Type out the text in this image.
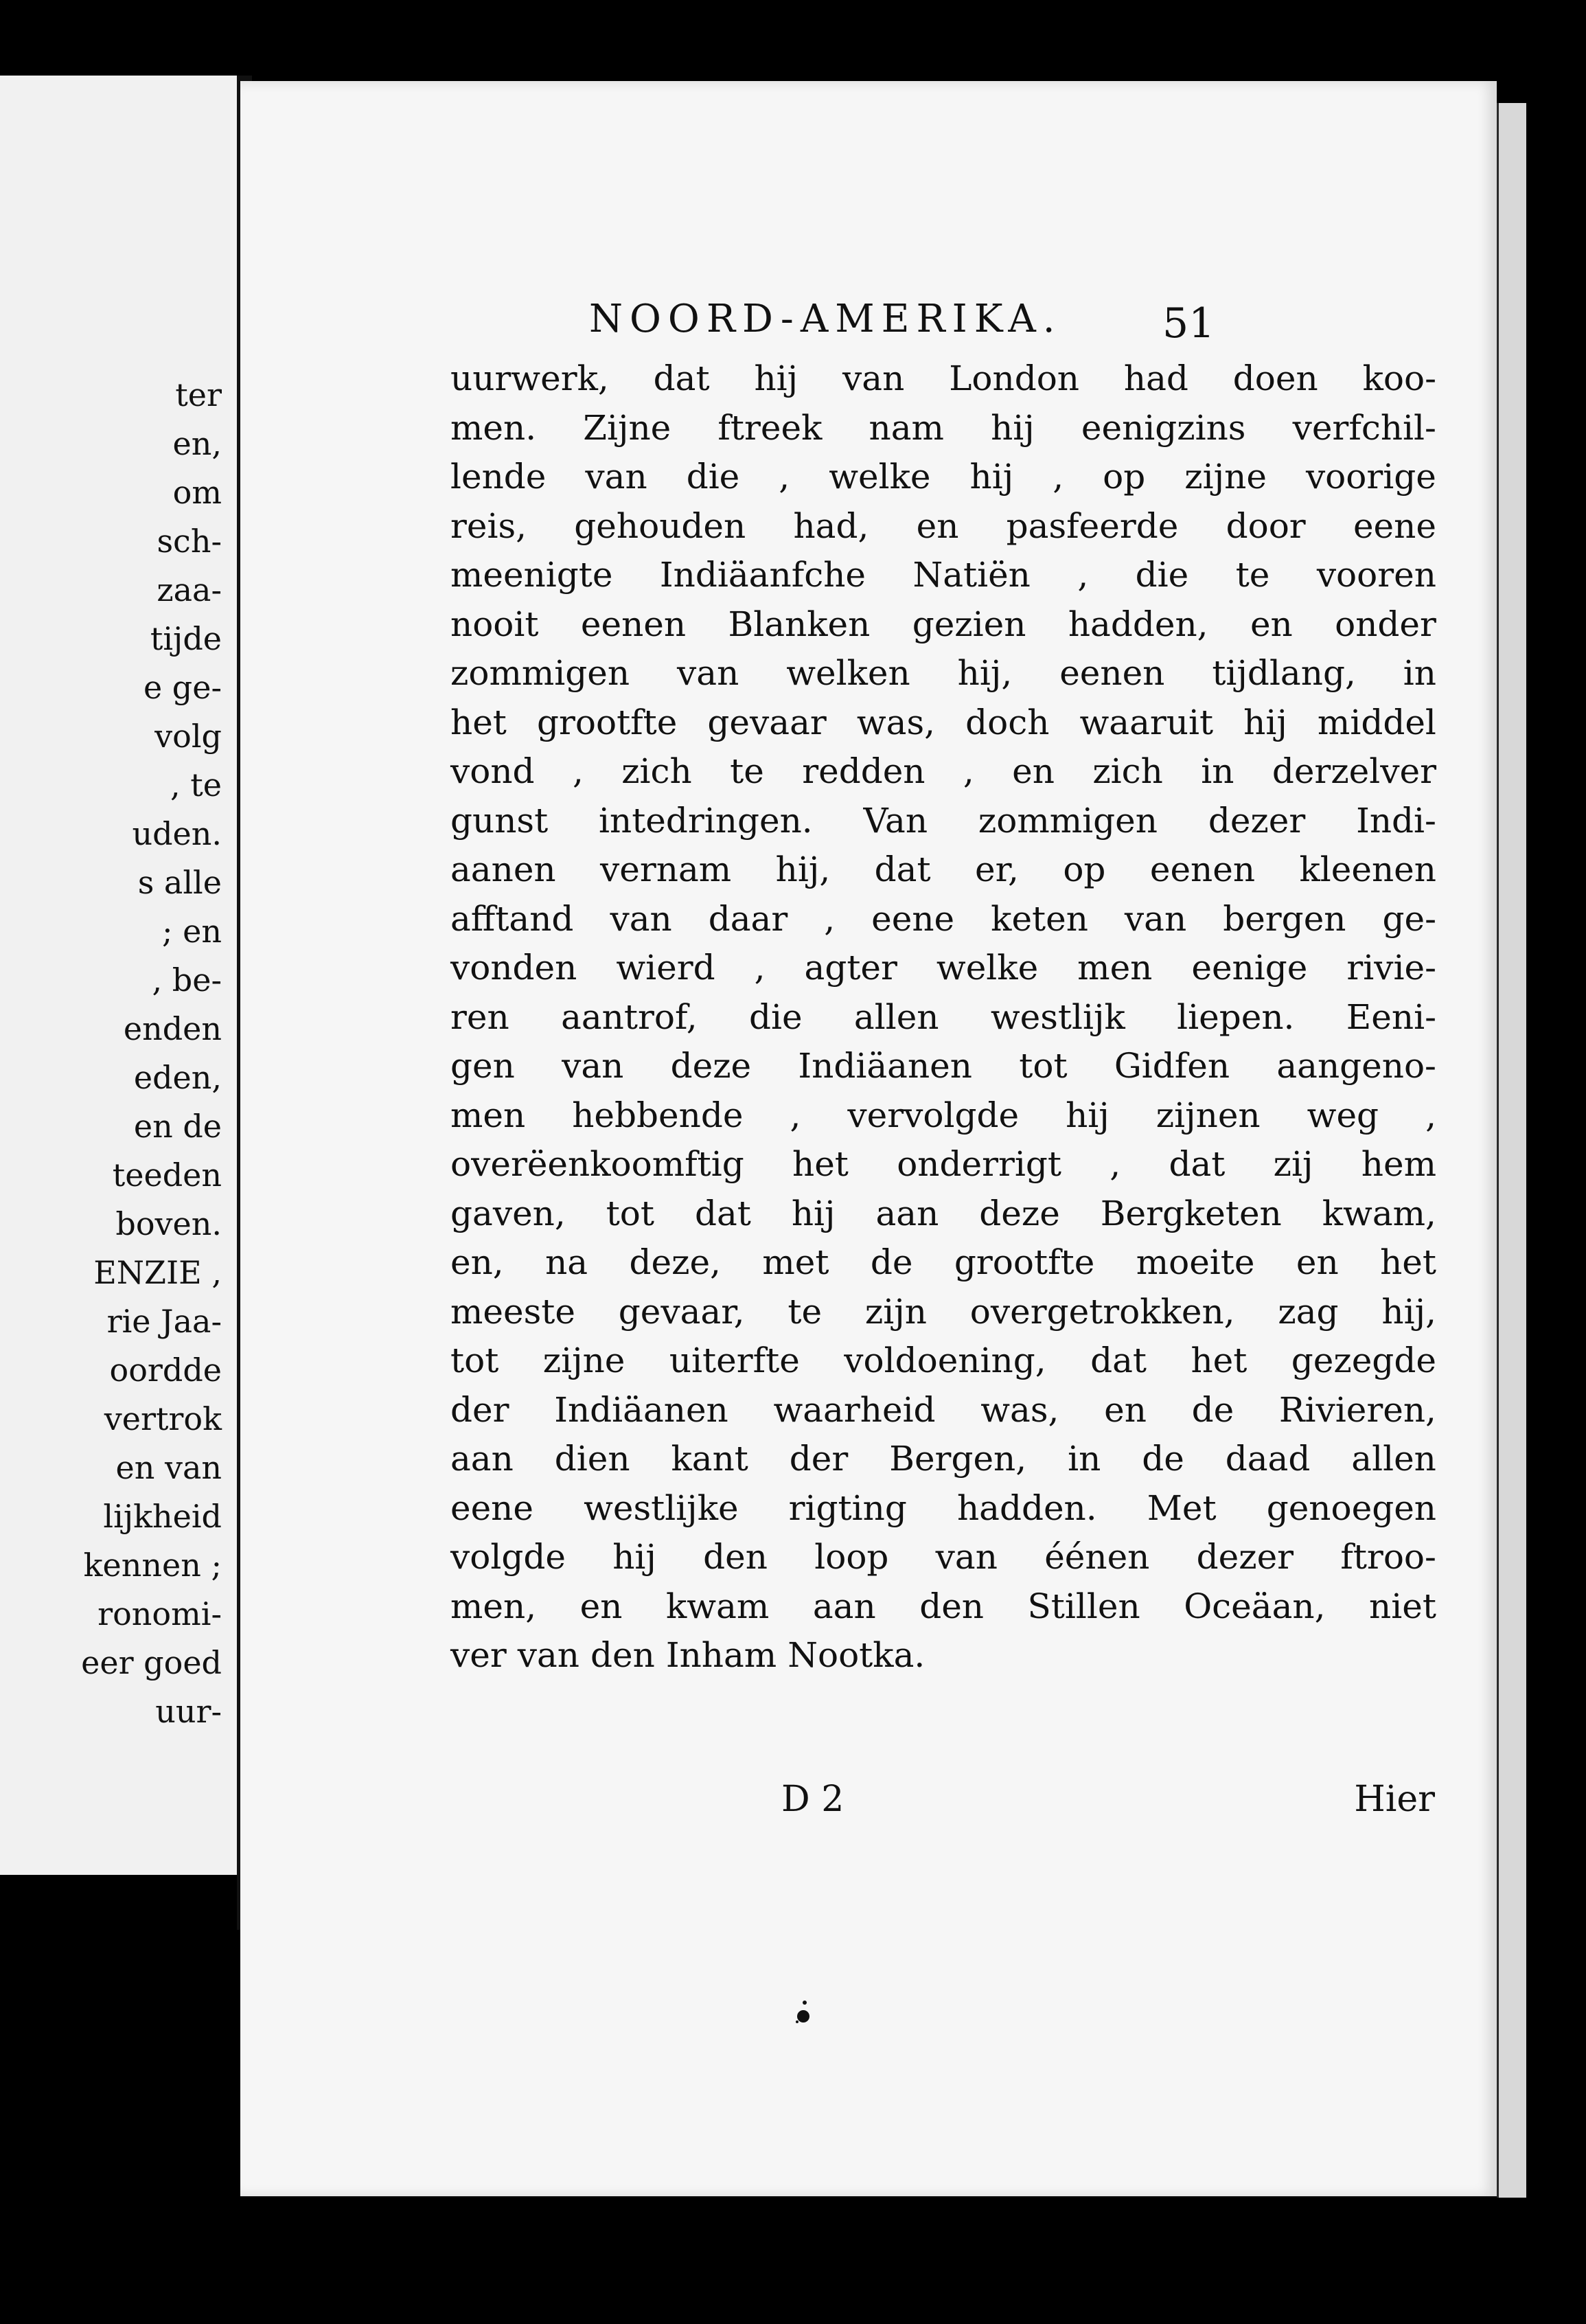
ter
en,
om
sch-
zaa-
tijde
e ge-
volg
, te
uden.
s alle
; en
, be-
enden
eden,
en de
teeden
boven.
ENZIE ,
rie Jaa-
oordde
vertrok
en van
lijkheid
kennen ;
ronomi-
eer goed
uur-
NOORD-AMERIKA. 51
uurwerk, dat hij van London had doen koo-
men. Zijne ftreek nam hij eenigzins verfchil-
lende van die , welke hij , op zijne voorige
reis, gehouden had, en pasfeerde door eene
meenigte Indiäanfche Natiën , die te vooren
nooit eenen Blanken gezien hadden, en onder
zommigen van welken hij, eenen tijdlang, in
het grootfte gevaar was, doch waaruit hij middel
vond , zich te redden , en zich in derzelver
gunst intedringen. Van zommigen dezer Indi-
aanen vernam hij, dat er, op eenen kleenen
afftand van daar , eene keten van bergen ge-
vonden wierd , agter welke men eenige rivie-
ren aantrof, die allen westlijk liepen. Eeni-
gen van deze Indiäanen tot Gidfen aangeno-
men hebbende , vervolgde hij zijnen weg ,
overëenkoomftig het onderrigt , dat zij hem
gaven, tot dat hij aan deze Bergketen kwam,
en, na deze, met de grootfte moeite en het
meeste gevaar, te zijn overgetrokken, zag hij,
tot zijne uiterfte voldoening, dat het gezegde
der Indiäanen waarheid was, en de Rivieren,
aan dien kant der Bergen, in de daad allen
eene westlijke rigting hadden. Met genoegen
volgde hij den loop van éénen dezer ftroo-
men, en kwam aan den Stillen Oceäan, niet
ver van den Inham Nootka.
D 2	Hier
